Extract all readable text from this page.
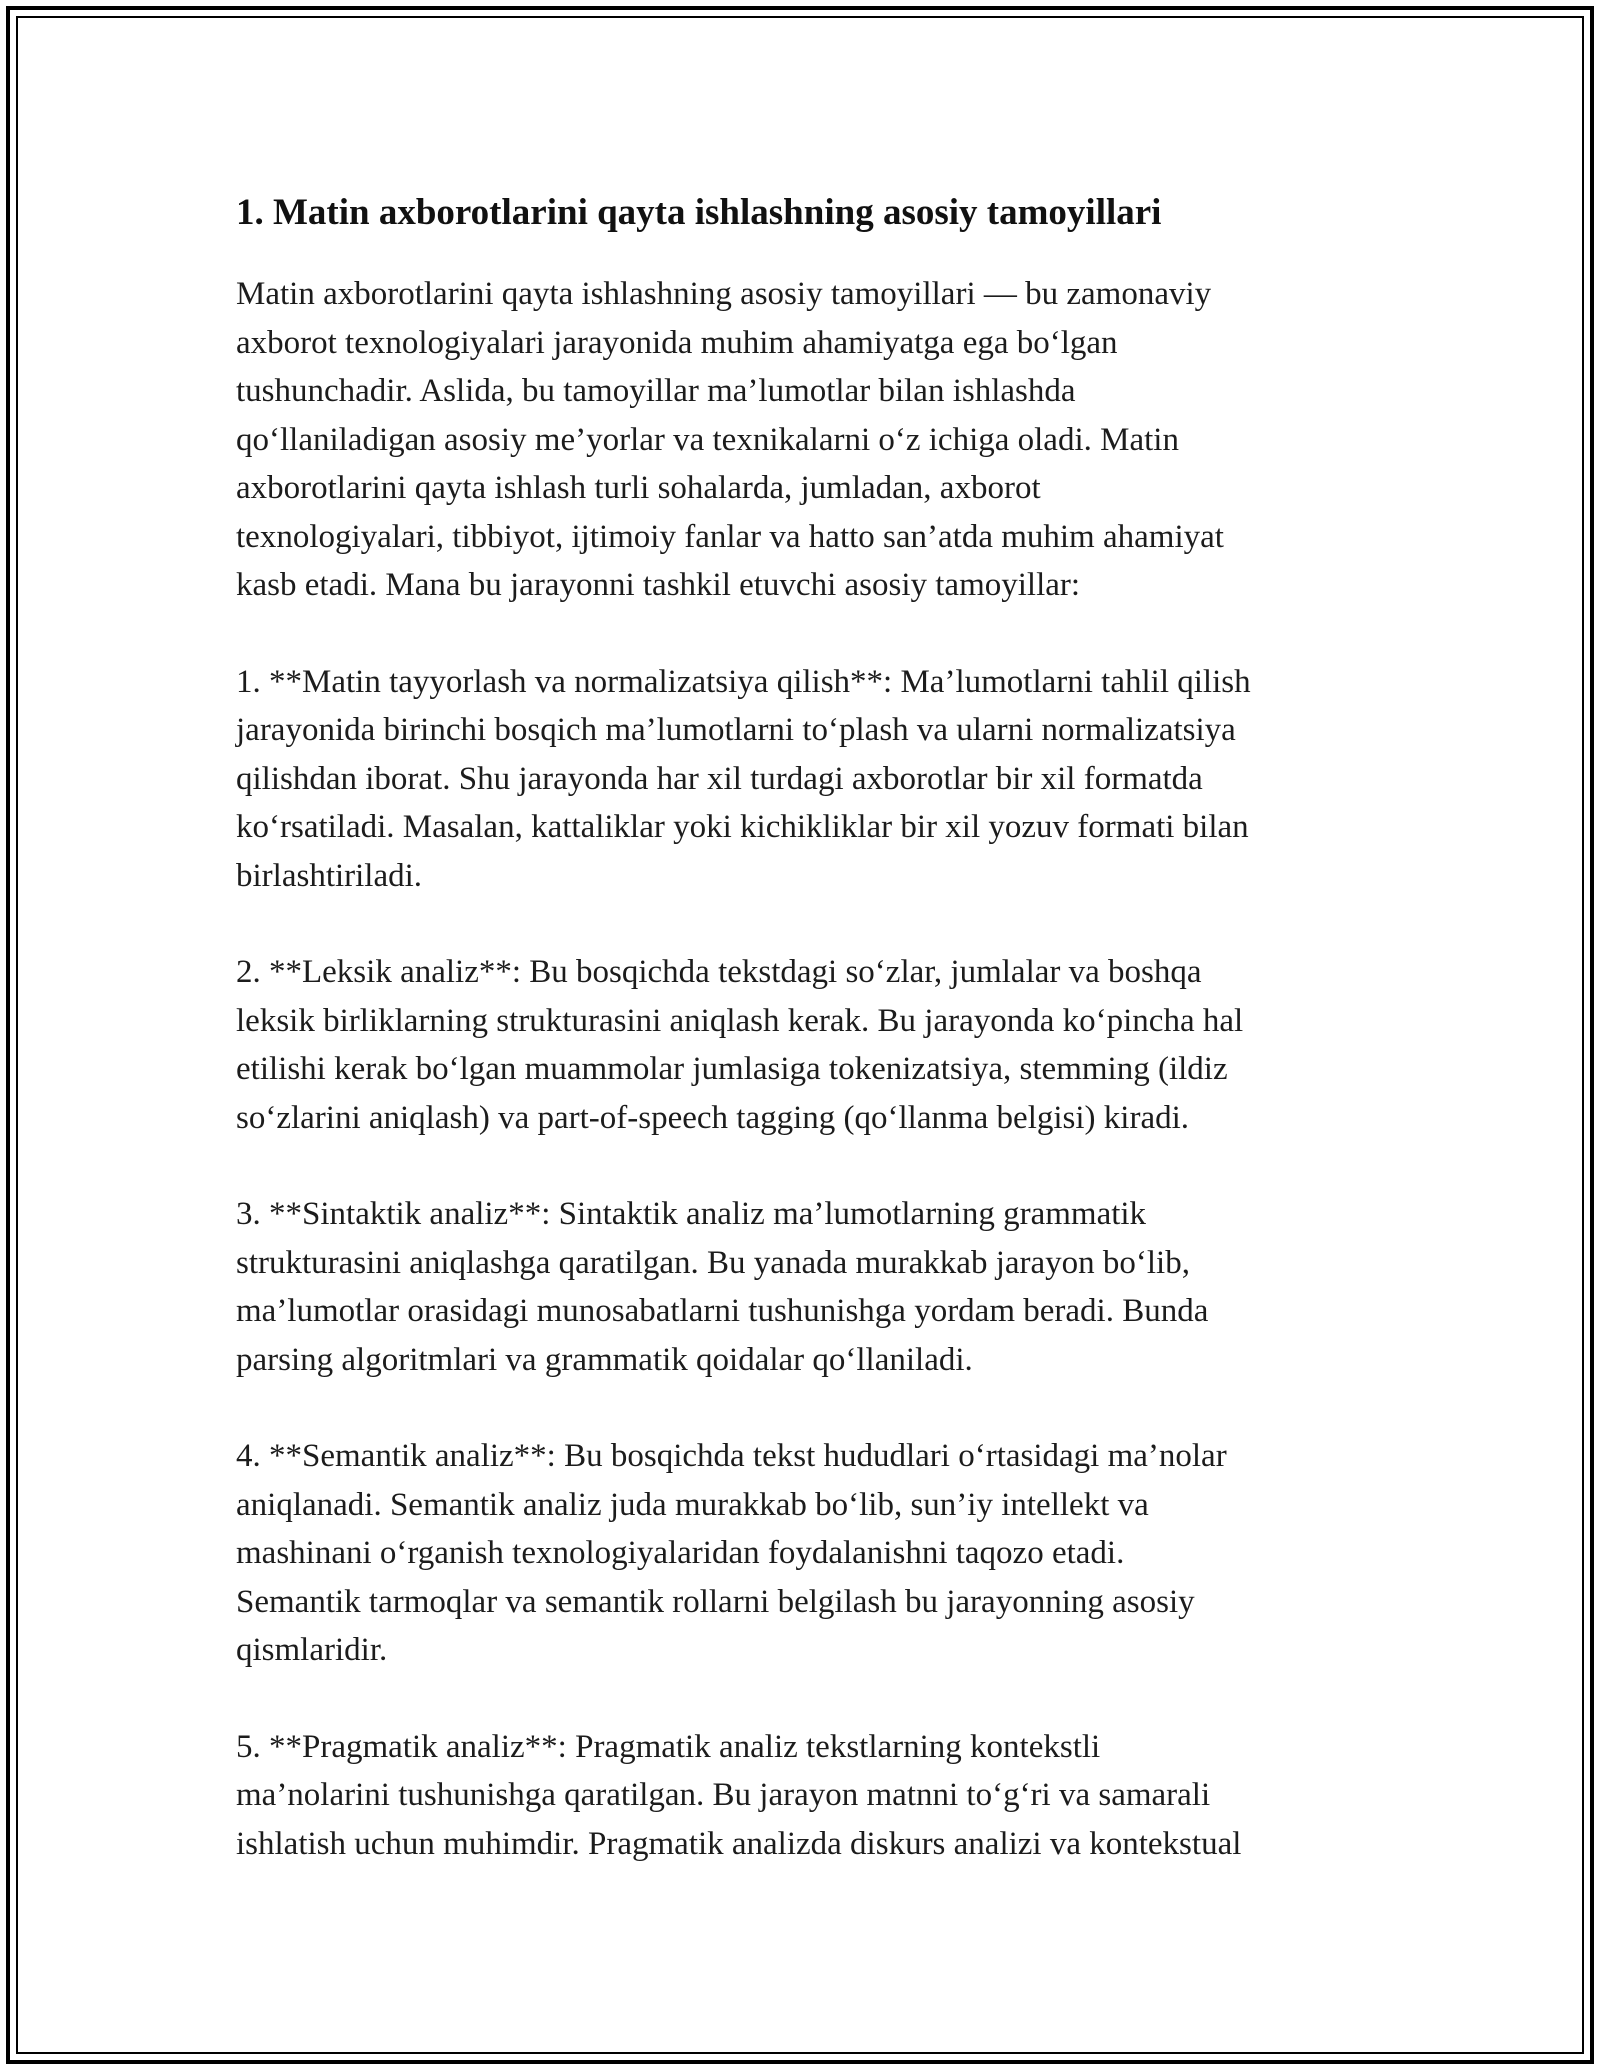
1. Matin axborotlarini qayta ishlashning asosiy tamoyillari

Matin axborotlarini qayta ishlashning asosiy tamoyillari — bu zamonaviy
axborot texnologiyalari jarayonida muhim ahamiyatga ega bo‘lgan
tushunchadir. Aslida, bu tamoyillar ma’lumotlar bilan ishlashda
qo‘llaniladigan asosiy me’yorlar va texnikalarni o‘z ichiga oladi. Matin
axborotlarini qayta ishlash turli sohalarda, jumladan, axborot
texnologiyalari, tibbiyot, ijtimoiy fanlar va hatto san’atda muhim ahamiyat
kasb etadi. Mana bu jarayonni tashkil etuvchi asosiy tamoyillar:

1. **Matin tayyorlash va normalizatsiya qilish**: Ma’lumotlarni tahlil qilish
jarayonida birinchi bosqich ma’lumotlarni to‘plash va ularni normalizatsiya
qilishdan iborat. Shu jarayonda har xil turdagi axborotlar bir xil formatda
ko‘rsatiladi. Masalan, kattaliklar yoki kichikliklar bir xil yozuv formati bilan
birlashtiriladi.

2. **Leksik analiz**: Bu bosqichda tekstdagi so‘zlar, jumlalar va boshqa
leksik birliklarning strukturasini aniqlash kerak. Bu jarayonda ko‘pincha hal
etilishi kerak bo‘lgan muammolar jumlasiga tokenizatsiya, stemming (ildiz
so‘zlarini aniqlash) va part-of-speech tagging (qo‘llanma belgisi) kiradi.

3. **Sintaktik analiz**: Sintaktik analiz ma’lumotlarning grammatik
strukturasini aniqlashga qaratilgan. Bu yanada murakkab jarayon bo‘lib,
ma’lumotlar orasidagi munosabatlarni tushunishga yordam beradi. Bunda
parsing algoritmlari va grammatik qoidalar qo‘llaniladi.

4. **Semantik analiz**: Bu bosqichda tekst hududlari o‘rtasidagi ma’nolar
aniqlanadi. Semantik analiz juda murakkab bo‘lib, sun’iy intellekt va
mashinani o‘rganish texnologiyalaridan foydalanishni taqozo etadi.
Semantik tarmoqlar va semantik rollarni belgilash bu jarayonning asosiy
qismlaridir.

5. **Pragmatik analiz**: Pragmatik analiz tekstlarning kontekstli
ma’nolarini tushunishga qaratilgan. Bu jarayon matnni to‘g‘ri va samarali
ishlatish uchun muhimdir. Pragmatik analizda diskurs analizi va kontekstual
